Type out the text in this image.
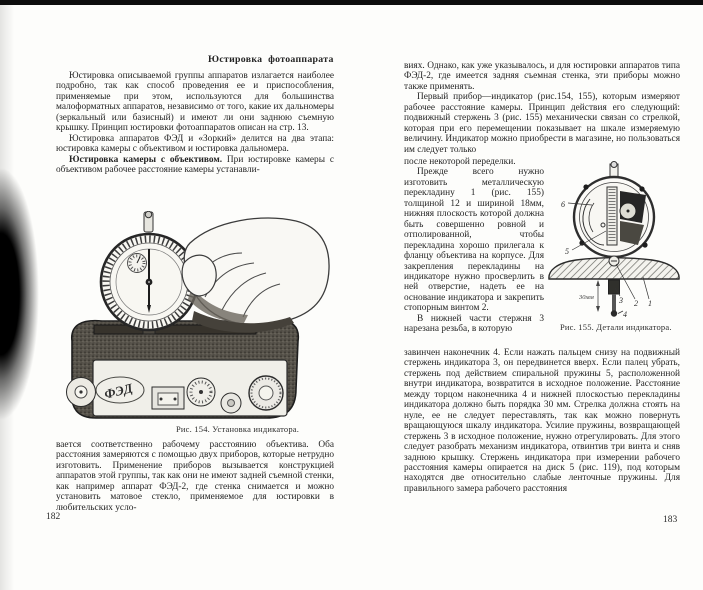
Юстировка фотоаппарата

Юстировка описываемой группы аппаратов излагается наиболее подробно, так как способ проведения ее и приспособления, применяемые при этом, используются для большинства малоформатных аппаратов, независимо от того, какие их дальномеры (зеркальный или базисный) и имеют ли они заднюю съемную крышку. Принцип юстировки фотоаппаратов описан на стр. 13.

Юстировка аппаратов ФЭД и «Зоркий» делится на два этапа: юстировка камеры с объективом и юстировка дальномера.

Юстировка камеры с объективом. При юстировке камеры с объективом рабочее расстояние камеры устанавли-

ФЭД
Рис. 154. Установка индикатора.

вается соответственно рабочему расстоянию объектива. Оба расстояния замеряются с помощью двух приборов, которые нетрудно изготовить. Применение приборов вызывается конструкцией аппаратов этой группы, так как они не имеют задней съемной стенки, как например аппарат ФЭД-2, где стенка снимается и можно установить матовое стекло, применяемое для юстировки в любительских усло-

182

виях. Однако, как уже указывалось, и для юстировки аппаратов типа ФЭД-2, где имеется задняя съемная стенка, эти приборы можно также применять.

Первый прибор—индикатор (рис.154, 155), которым измеряют рабочее расстояние камеры. Принцип действия его следующий: подвижный стержень 3 (рис. 155) механически связан со стрелкой, которая при его перемещении показывает на шкале измеряемую величину. Индикатор можно приобрести в магазине, но пользоваться им следует только

после некоторой переделки.

Прежде всего нужно изготовить металлическую перекладину 1 (рис. 155) толщиной 12 и шириной 18мм, нижняя плоскость которой должна быть совершенно ровной и отполированной, чтобы перекладина хорошо прилегала к фланцу объектива на корпусе. Для закрепления перекладины на индикаторе нужно просверлить в ней отверстие, надеть ее на основание индикатора и закрепить стопорным винтом 2.

В нижней части стержня 3 нарезана резьба, в которую

30мм
6
5
3 2 1
4
Рис. 155. Детали индикатора.

завинчен наконечник 4. Если нажать пальцем снизу на подвижный стержень индикатора 3, он передвинется вверх. Если палец убрать, стержень под действием спиральной пружины 5, расположенной внутри индикатора, возвратится в исходное положение. Расстояние между торцом наконечника 4 и нижней плоскостью перекладины индикатора должно быть порядка 30 мм. Стрелка должна стоять на нуле, ее не следует переставлять, так как можно повернуть вращающуюся шкалу индикатора. Усилие пружины, возвращающей стержень 3 в исходное положение, нужно отрегулировать. Для этого следует разобрать механизм индикатора, отвинтив три винта и сняв заднюю крышку. Стержень индикатора при измерении рабочего расстояния камеры опирается на диск 5 (рис. 119), под которым находятся две относительно слабые ленточные пружины. Для правильного замера рабочего расстояния

183
